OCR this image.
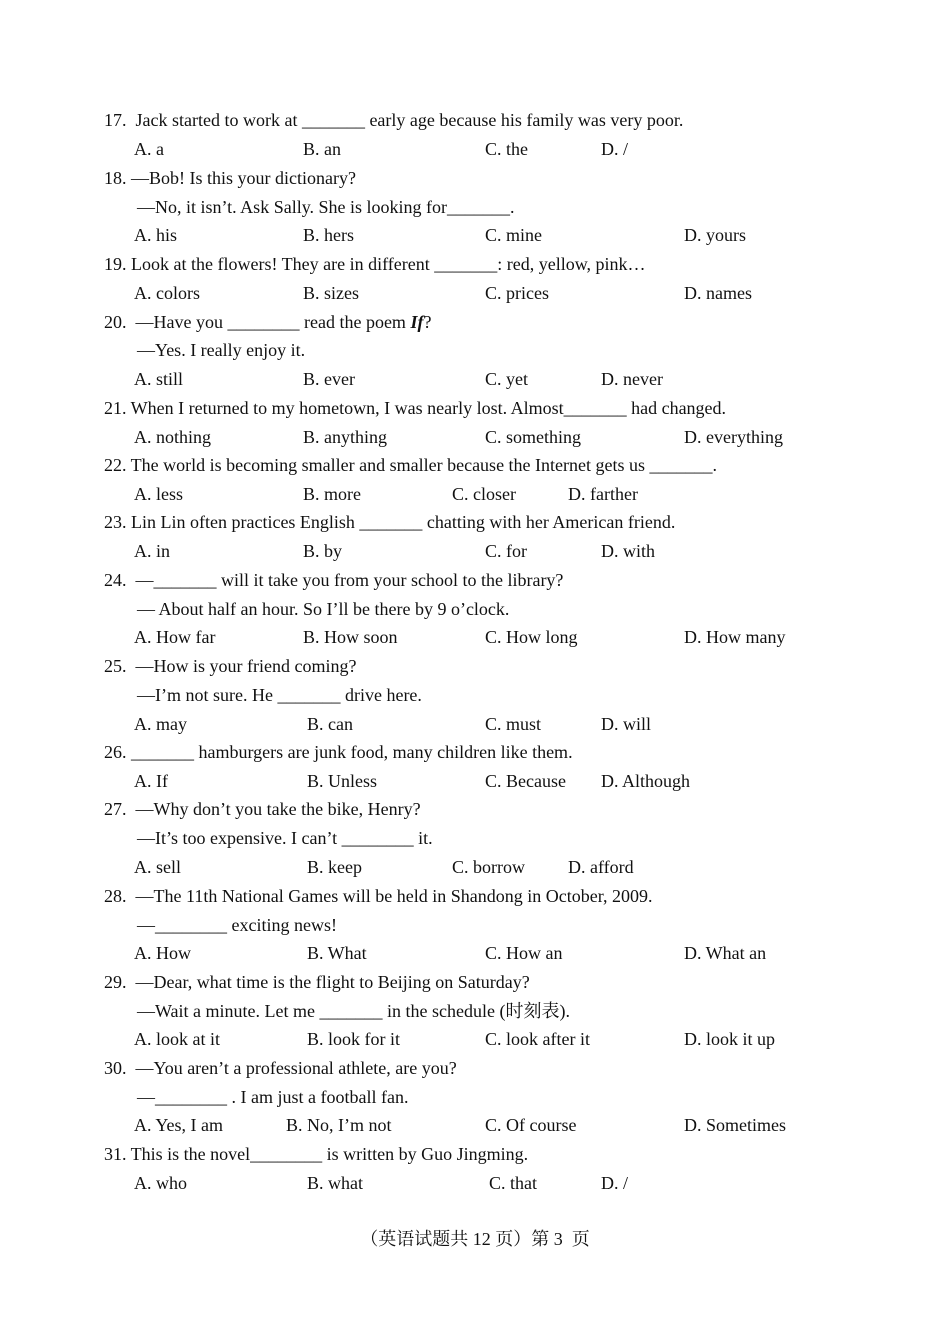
17.  Jack started to work at _______ early age because his family was very poor.
A. a	B. an	C. the	D. /
18. —Bob! Is this your dictionary?
—No, it isn’t. Ask Sally. She is looking for_______.
A. his	B. hers	C. mine	D. yours
19. Look at the flowers! They are in different _______: red, yellow, pink…
A. colors	B. sizes	C. prices	D. names
20.  —Have you ________ read the poem If?
—Yes. I really enjoy it.
A. still	B. ever	C. yet	D. never
21. When I returned to my hometown, I was nearly lost. Almost_______ had changed.
A. nothing	B. anything	C. something	D. everything
22. The world is becoming smaller and smaller because the Internet gets us _______.
A. less	B. more	C. closer	D. farther
23. Lin Lin often practices English _______ chatting with her American friend.
A. in	B. by	C. for	D. with
24.  —_______ will it take you from your school to the library?
— About half an hour. So I’ll be there by 9 o’clock.
A. How far	B. How soon	C. How long	D. How many
25.  —How is your friend coming?
—I’m not sure. He _______ drive here.
A. may	B. can	C. must	D. will
26. _______ hamburgers are junk food, many children like them.
A. If	B. Unless	C. Because D. Although
27.  —Why don’t you take the bike, Henry?
—It’s too expensive. I can’t ________ it.
A. sell	B. keep	C. borrow D. afford
28.  —The 11th National Games will be held in Shandong in October, 2009.
—________ exciting news!
A. How	B. What	C. How an	D. What an
29.  —Dear, what time is the flight to Beijing on Saturday?
—Wait a minute. Let me _______ in the schedule (时刻表).
A. look at it	B. look for it	C. look after it	D. look it up
30.  —You aren’t a professional athlete, are you?
—________ . I am just a football fan.
A. Yes, I am	B. No, I’m not	C. Of course	D. Sometimes
31. This is the novel________ is written by Guo Jingming.
A. who	B. what	C. that	D. /
（英语试题共 12 页）第 3  页
